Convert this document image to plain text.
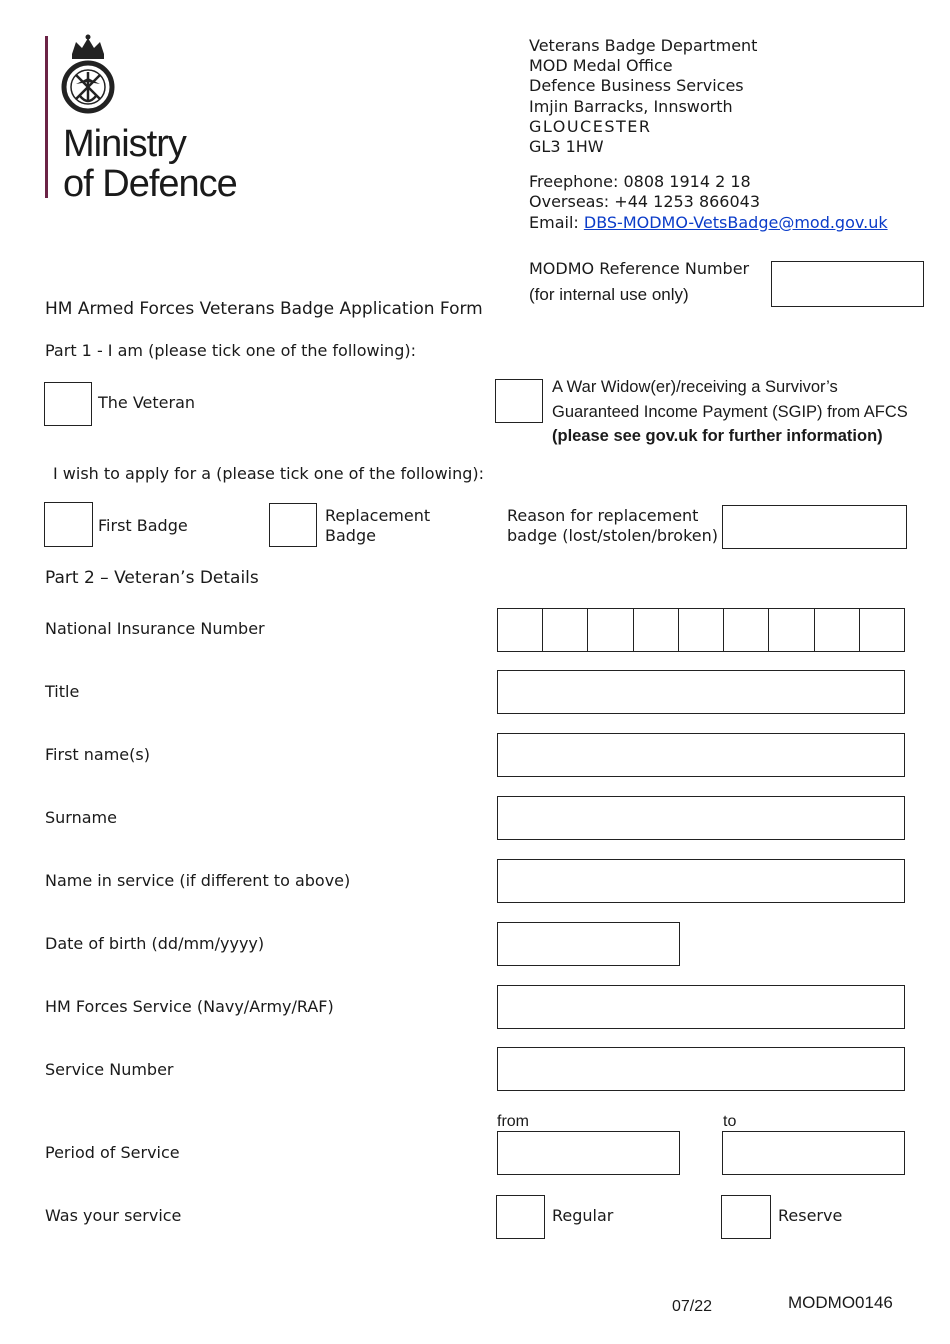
Ministry
of Defence
Veterans Badge Department
MOD Medal Office
Defence Business Services
Imjin Barracks, Innsworth
GLOUCESTER
GL3 1HW
Freephone: 0808 1914 2 18
Overseas: +44 1253 866043
Email: DBS-MODMO-VetsBadge@mod.gov.uk
MODMO Reference Number
(for internal use only)
HM Armed Forces Veterans Badge Application Form
Part 1 - I am (please tick one of the following):
The Veteran
A War Widow(er)/receiving a Survivor’s
Guaranteed Income Payment (SGIP) from AFCS
(please see gov.uk for further information)
I wish to apply for a (please tick one of the following):
First Badge
Replacement
Badge
Reason for replacement
badge (lost/stolen/broken)
Part 2 – Veteran’s Details
National Insurance Number
Title
First name(s)
Surname
Name in service (if different to above)
Date of birth (dd/mm/yyyy)
HM Forces Service (Navy/Army/RAF)
Service Number
from	to
Period of Service
Was your service	Regular	Reserve
07/22	MODMO0146
